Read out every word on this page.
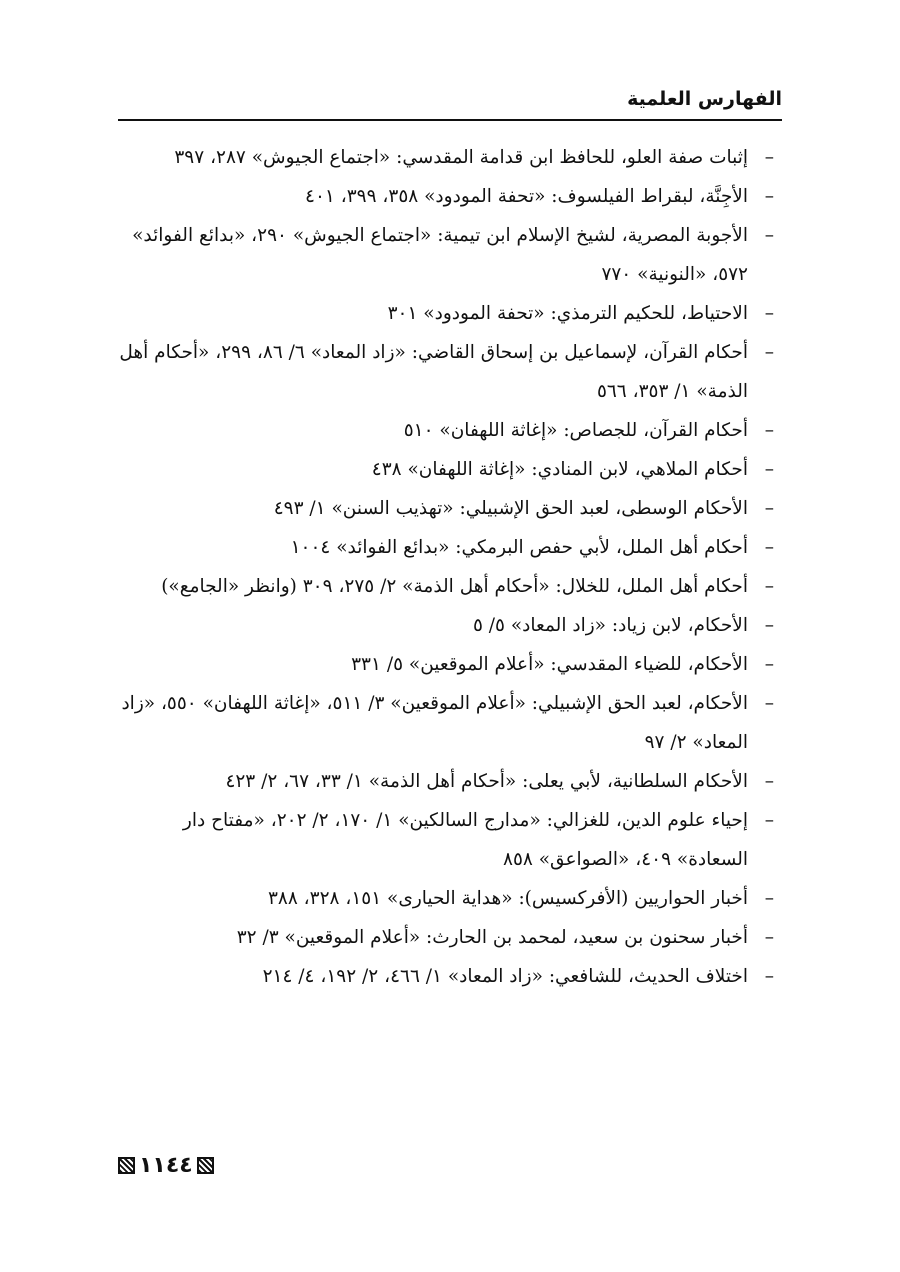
الفهارس العلمية
–
إثبات صفة العلو، للحافظ ابن قدامة المقدسي: «اجتماع الجيوش» ٢٨٧، ٣٩٧
–
الأجِنَّة، لبقراط الفيلسوف: «تحفة المودود» ٣٥٨، ٣٩٩، ٤٠١
–
الأجوبة المصرية، لشيخ الإسلام ابن تيمية: «اجتماع الجيوش» ٢٩٠، «بدائع الفوائد» ٥٧٢، «النونية» ٧٧٠
–
الاحتياط، للحكيم الترمذي: «تحفة المودود» ٣٠١
–
أحكام القرآن، لإسماعيل بن إسحاق القاضي: «زاد المعاد» ٦/ ٨٦، ٢٩٩، «أحكام أهل الذمة» ١/ ٣٥٣، ٥٦٦
–
أحكام القرآن، للجصاص: «إغاثة اللهفان» ٥١٠
–
أحكام الملاهي، لابن المنادي: «إغاثة اللهفان» ٤٣٨
–
الأحكام الوسطى، لعبد الحق الإشبيلي: «تهذيب السنن» ١/ ٤٩٣
–
أحكام أهل الملل، لأبي حفص البرمكي: «بدائع الفوائد» ١٠٠٤
–
أحكام أهل الملل، للخلال: «أحكام أهل الذمة» ٢/ ٢٧٥، ٣٠٩ (وانظر «الجامع»)
–
الأحكام، لابن زياد: «زاد المعاد» ٥/ ٥
–
الأحكام، للضياء المقدسي: «أعلام الموقعين» ٥/ ٣٣١
–
الأحكام، لعبد الحق الإشبيلي: «أعلام الموقعين» ٣/ ٥١١، «إغاثة اللهفان» ٥٥٠، «زاد المعاد» ٢/ ٩٧
–
الأحكام السلطانية، لأبي يعلى: «أحكام أهل الذمة» ١/ ٣٣، ٦٧، ٢/ ٤٢٣
–
إحياء علوم الدين، للغزالي: «مدارج السالكين» ١/ ١٧٠، ٢/ ٢٠٢، «مفتاح دار السعادة» ٤٠٩، «الصواعق» ٨٥٨
–
أخبار الحواريين (الأفركسيس): «هداية الحيارى» ١٥١، ٣٢٨، ٣٨٨
–
أخبار سحنون بن سعيد، لمحمد بن الحارث: «أعلام الموقعين» ٣/ ٣٢
–
اختلاف الحديث، للشافعي: «زاد المعاد» ١/ ٤٦٦، ٢/ ١٩٢، ٤/ ٢١٤
١١٤٤
